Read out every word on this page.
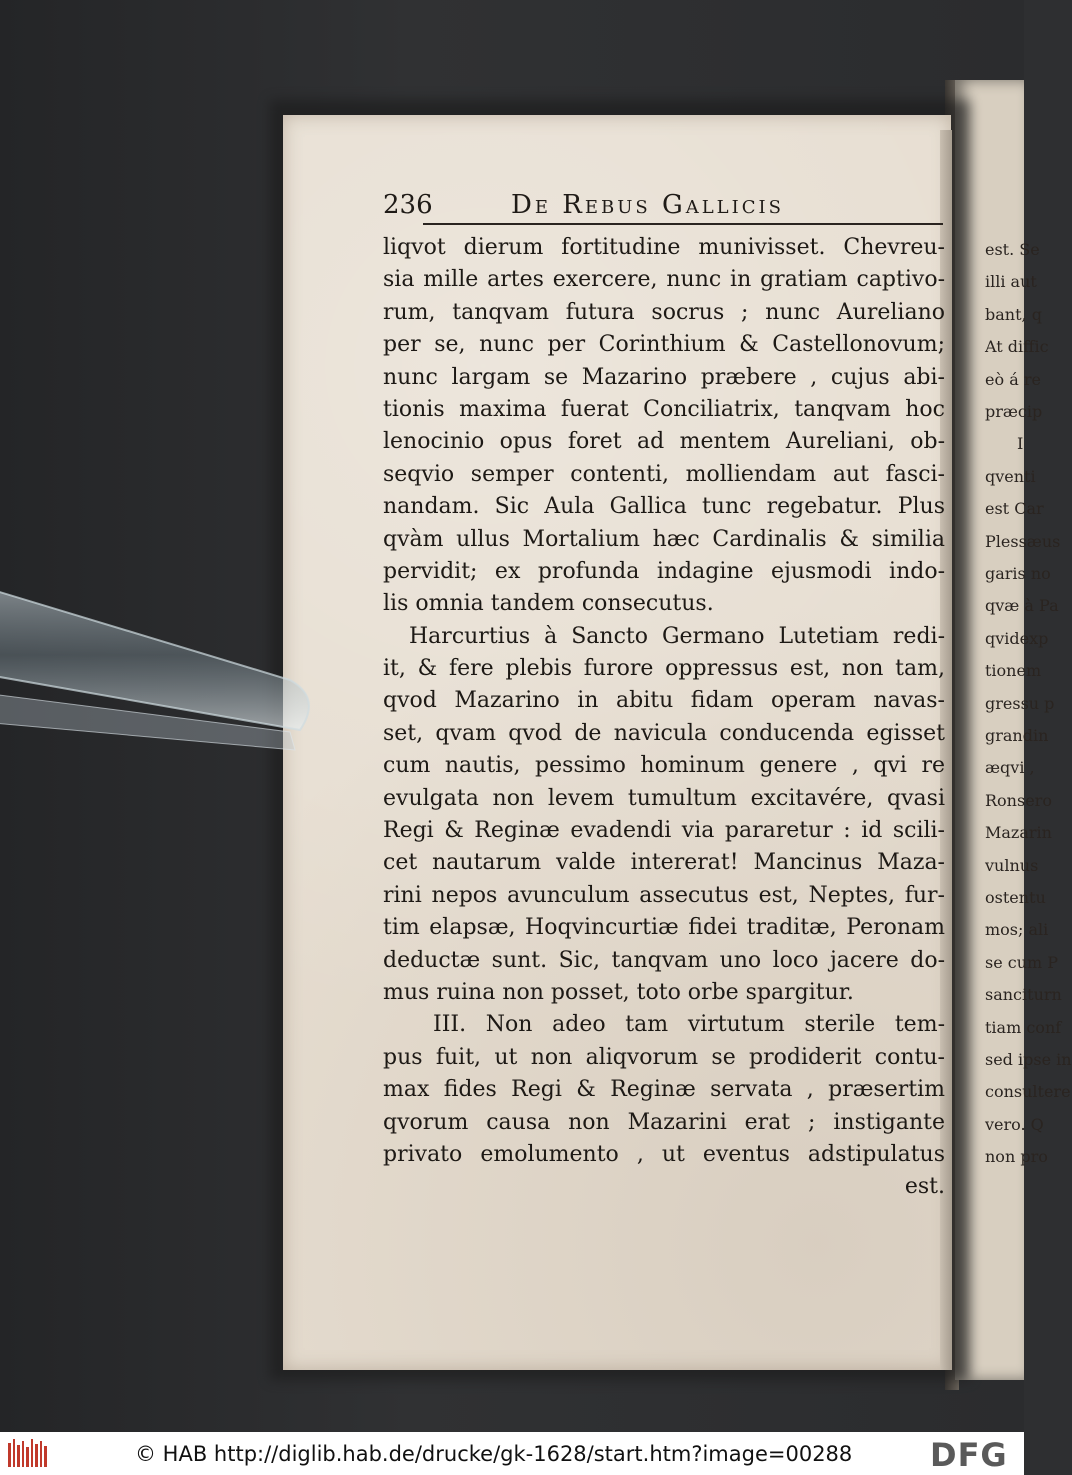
est. Se
illi aut
bant, q
At diffic
eò á re
præcip
I
qventi
est Car
Plessæus
garis no
qvæ à Pa
qvidexp
tionem
gressu p
grandin
æqvi ,
Ronsero
Mazarin
vulnus
ostentu
mos; ali
se cum P
sanciturn
tiam conf
sed ipse in
consultere
vero. Q
non pro
236	De Rebus Gallicis
liqvot dierum fortitudine munivisset. Chevreu-
sia mille artes exercere, nunc in gratiam captivo-
rum, tanqvam futura socrus ; nunc Aureliano
per se, nunc per Corinthium & Castellonovum;
nunc largam se Mazarino præbere , cujus abi-
tionis maxima fuerat Conciliatrix, tanqvam hoc
lenocinio opus foret ad mentem Aureliani, ob-
seqvio semper contenti, molliendam aut fasci-
nandam. Sic Aula Gallica tunc regebatur. Plus
qvàm ullus Mortalium hæc Cardinalis & similia
pervidit; ex profunda indagine ejusmodi indo-
lis omnia tandem consecutus.
Harcurtius à Sancto Germano Lutetiam redi-
it, & fere plebis furore oppressus est, non tam,
qvod Mazarino in abitu fidam operam navas-
set, qvam qvod de navicula conducenda egisset
cum nautis, pessimo hominum genere , qvi re
evulgata non levem tumultum excitavére, qvasi
Regi & Reginæ evadendi via pararetur : id scili-
cet nautarum valde intererat! Mancinus Maza-
rini nepos avunculum assecutus est, Neptes, fur-
tim elapsæ, Hoqvincurtiæ fidei traditæ, Peronam
deductæ sunt. Sic, tanqvam uno loco jacere do-
mus ruina non posset, toto orbe spargitur.
III. Non adeo tam virtutum sterile tem-
pus fuit, ut non aliqvorum se prodiderit contu-
max fides Regi & Reginæ servata , præsertim
qvorum causa non Mazarini erat ; instigante
privato emolumento , ut eventus adstipulatus
est.
© HAB http://diglib.hab.de/drucke/gk-1628/start.htm?image=00288 DFG
